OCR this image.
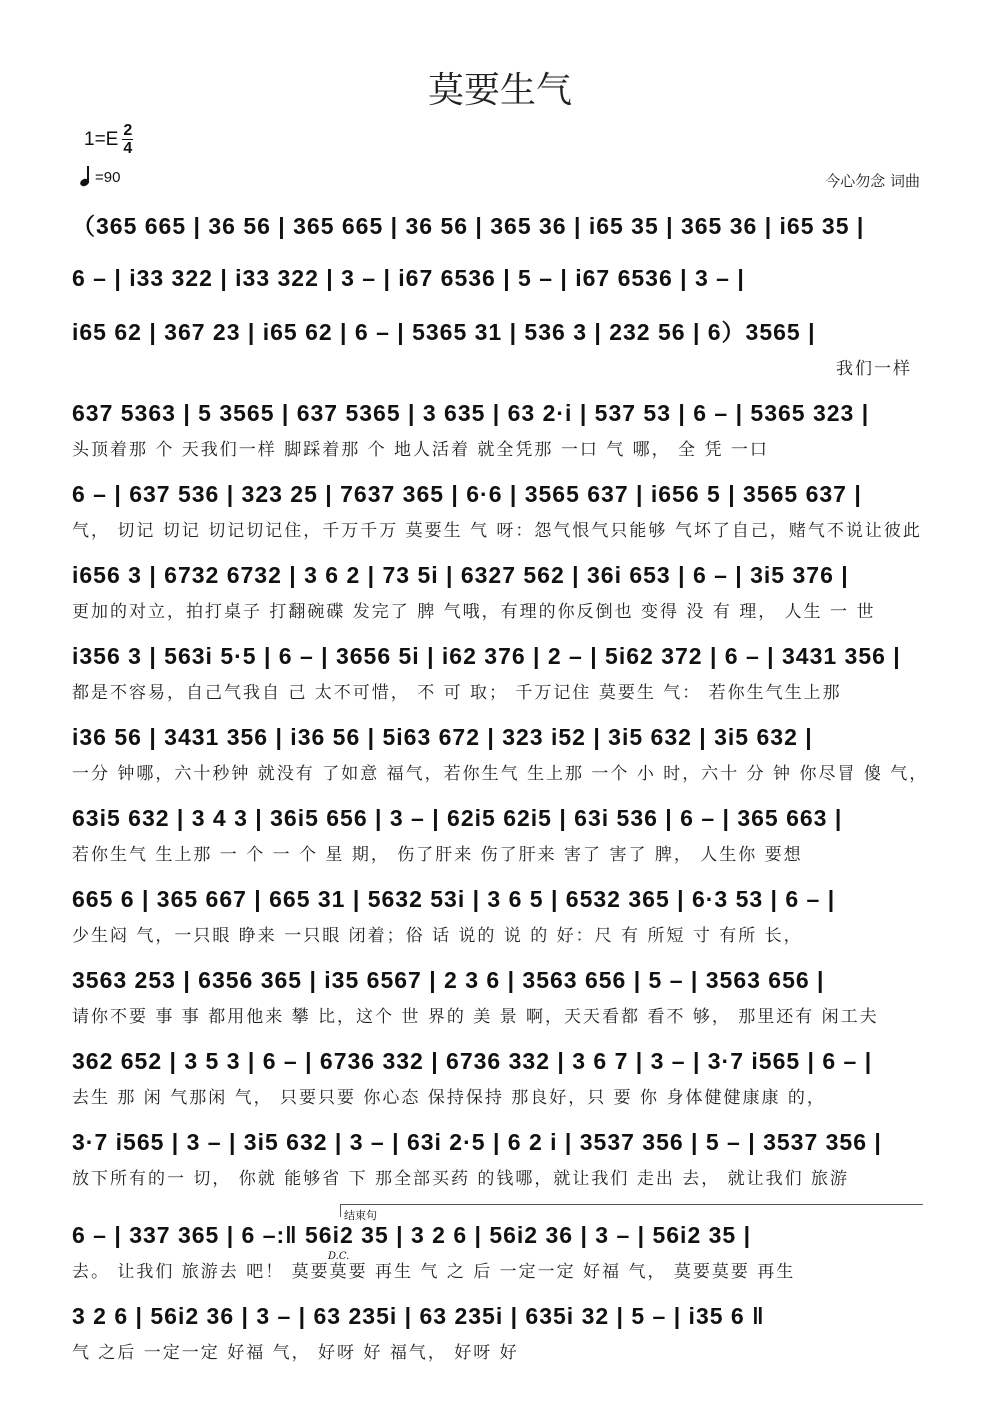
莫要生气
$1=E \frac{2}{4}$
=90	今心勿念 词曲
结束句
D.C.
（365 665 | 36 56 | 365 665 | 36 56 | 365 36 | i65 35 | 365 36 | i65 35 |
6 – | i33 322 | i33 322 | 3 – | i67 6536 | 5 – | i67 6536 | 3 – |
i65 62 | 367 23 | i65 62 | 6 – | 5365 31 | 536 3 | 232 56 | 6）3565 |
我们一样
637 5363 | 5 3565 | 637 5365 | 3 635 | 63 2·i | 537 53 | 6 – | 5365 323 |
头顶着那 个 天我们一样 脚踩着那 个 地人活着 就全凭那 一口 气 哪， 全 凭 一口
6 – | 637 536 | 323 25 | 7637 365 | 6·6 | 3565 637 | i656 5 | 3565 637 |
气， 切记 切记 切记切记住，千万千万 莫要生 气 呀：怨气恨气只能够 气坏了自己，赌气不说让彼此
i656 3 | 6732 6732 | 3 6 2 | 73 5i | 6327 562 | 36i 653 | 6 – | 3i5 376 |
更加的对立，拍打桌子 打翻碗碟 发完了 脾 气哦，有理的你反倒也 变得 没 有 理， 人生 一 世
i356 3 | 563i 5·5 | 6 – | 3656 5i | i62 376 | 2 – | 5i62 372 | 6 – | 3431 356 |
都是不容易，自己气我自 己 太不可惜， 不 可 取； 千万记住 莫要生 气： 若你生气生上那
i36 56 | 3431 356 | i36 56 | 5i63 672 | 323 i52 | 3i5 632 | 3i5 632 |
一分 钟哪，六十秒钟 就没有 了如意 福气，若你生气 生上那 一个 小 时，六十 分 钟 你尽冒 傻 气，
63i5 632 | 3 4 3 | 36i5 656 | 3 – | 62i5 62i5 | 63i 536 | 6 – | 365 663 |
若你生气 生上那 一 个 一 个 星 期， 伤了肝来 伤了肝来 害了 害了 脾， 人生你 要想
665 6 | 365 667 | 665 31 | 5632 53i | 3 6 5 | 6532 365 | 6·3 53 | 6 – |
少生闷 气，一只眼 睁来 一只眼 闭着；俗 话 说的 说 的 好：尺 有 所短 寸 有所 长，
3563 253 | 6356 365 | i35 6567 | 2 3 6 | 3563 656 | 5 – | 3563 656 |
请你不要 事 事 都用他来 攀 比，这个 世 界的 美 景 啊，天天看都 看不 够， 那里还有 闲工夫
362 652 | 3 5 3 | 6 – | 6736 332 | 6736 332 | 3 6 7 | 3 – | 3·7 i565 | 6 – |
去生 那 闲 气那闲 气， 只要只要 你心态 保持保持 那良好，只 要 你 身体健健康康 的，
3·7 i565 | 3 – | 3i5 632 | 3 – | 63i 2·5 | 6 2 i | 3537 356 | 5 – | 3537 356 |
放下所有的一 切， 你就 能够省 下 那全部买药 的钱哪，就让我们 走出 去， 就让我们 旅游
6 – | 337 365 | 6 –:‖ 56i2 35 | 3 2 6 | 56i2 36 | 3 – | 56i2 35 |
去。 让我们 旅游去 吧！ 莫要莫要 再生 气 之 后 一定一定 好福 气， 莫要莫要 再生
3 2 6 | 56i2 36 | 3 – | 63 235i | 63 235i | 635i 32 | 5 – | i35 6 ‖
气 之后 一定一定 好福 气， 好呀 好 福气， 好呀 好
